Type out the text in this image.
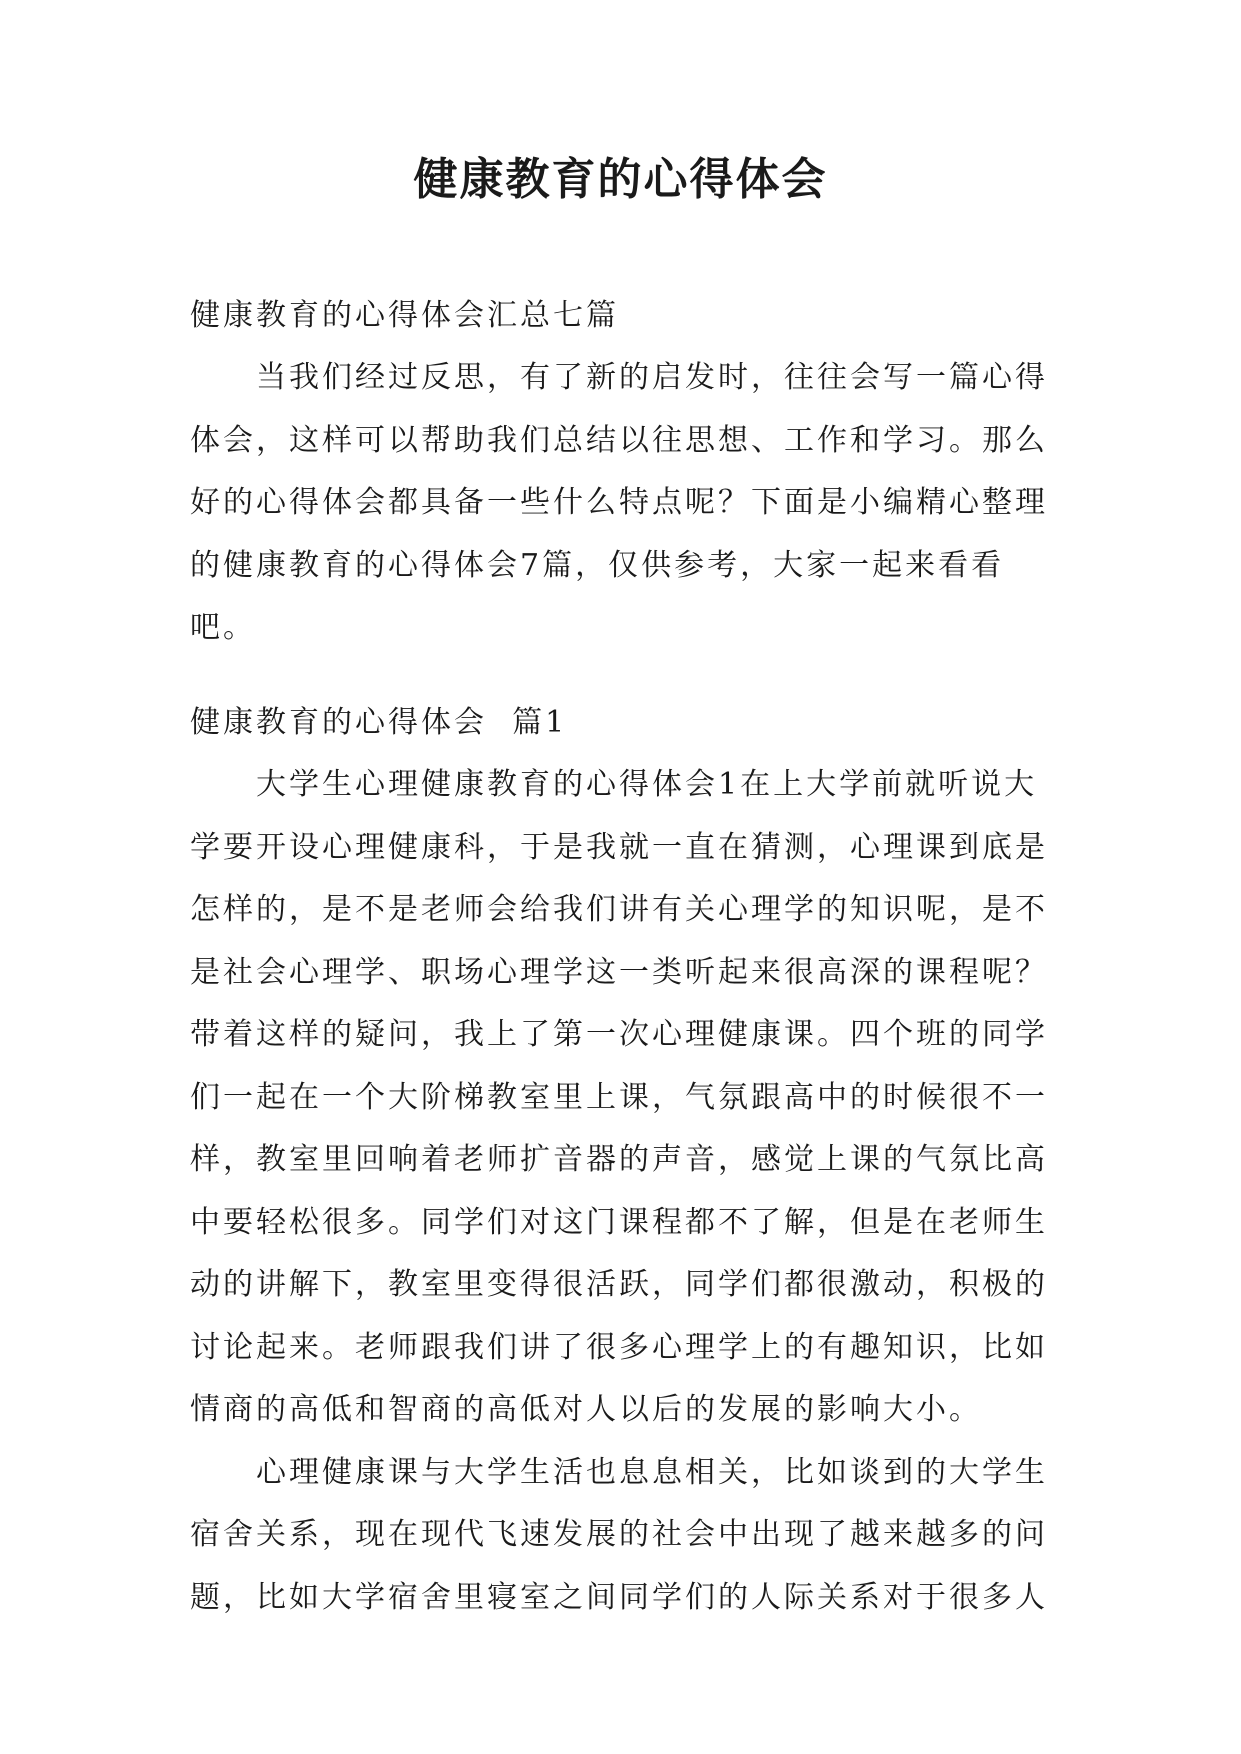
健康教育的心得体会

健康教育的心得体会汇总七篇

当我们经过反思，有了新的启发时，往往会写一篇心得体会，这样可以帮助我们总结以往思想、工作和学习。那么好的心得体会都具备一些什么特点呢？下面是小编精心整理的健康教育的心得体会7篇，仅供参考，大家一起来看看吧。

健康教育的心得体会  篇1

大学生心理健康教育的心得体会1在上大学前就听说大学要开设心理健康科，于是我就一直在猜测，心理课到底是怎样的，是不是老师会给我们讲有关心理学的知识呢，是不是社会心理学、职场心理学这一类听起来很高深的课程呢？带着这样的疑问，我上了第一次心理健康课。四个班的同学们一起在一个大阶梯教室里上课，气氛跟高中的时候很不一样，教室里回响着老师扩音器的声音，感觉上课的气氛比高中要轻松很多。同学们对这门课程都不了解，但是在老师生动的讲解下，教室里变得很活跃，同学们都很激动，积极的讨论起来。老师跟我们讲了很多心理学上的有趣知识，比如情商的高低和智商的高低对人以后的发展的影响大小。

心理健康课与大学生活也息息相关，比如谈到的大学生宿舍关系，现在现代飞速发展的社会中出现了越来越多的问题，比如大学宿舍里寝室之间同学们的人际关系对于很多人
